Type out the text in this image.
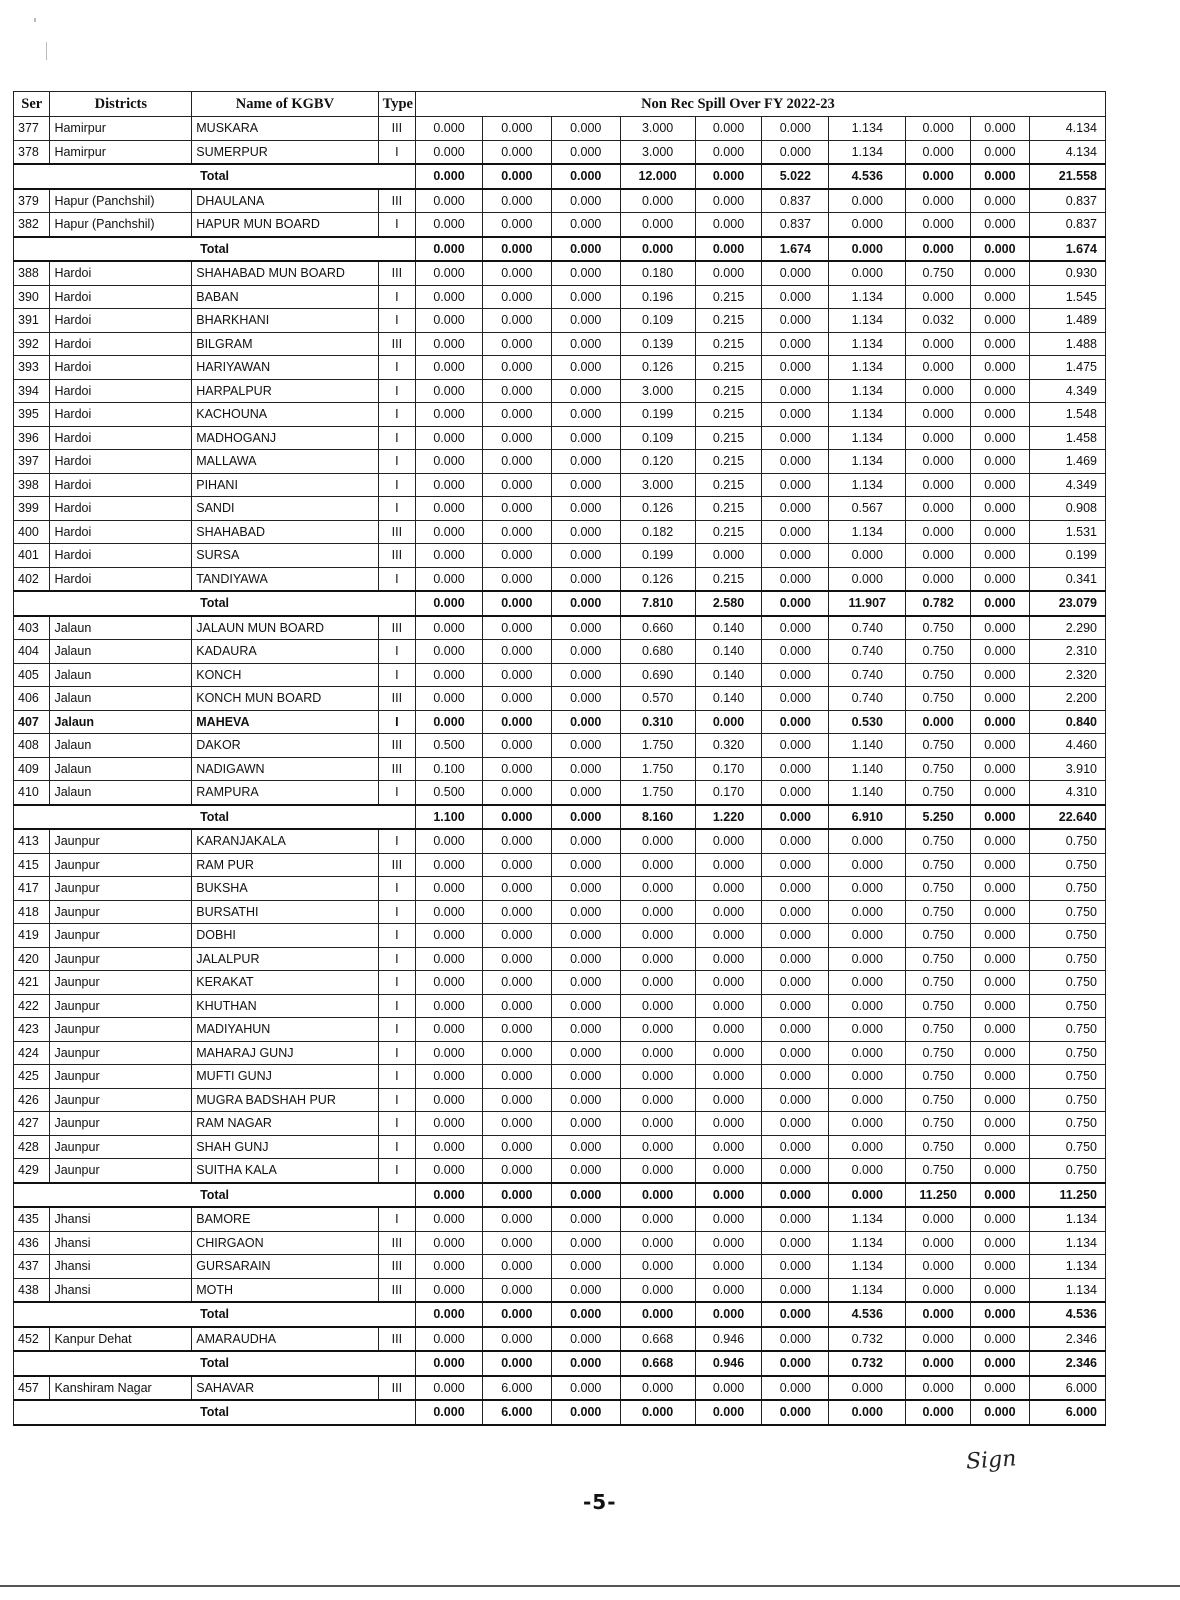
Ser	Districts	Name of KGBV	Type	Non Rec Spill Over FY 2022-23									
377	Hamirpur	MUSKARA	III	0.000	0.000	0.000	3.000	0.000	0.000	1.134	0.000	0.000	4.134
378	Hamirpur	SUMERPUR	I	0.000	0.000	0.000	3.000	0.000	0.000	1.134	0.000	0.000	4.134
Total				0.000	0.000	0.000	12.000	0.000	5.022	4.536	0.000	0.000	21.558
379	Hapur (Panchshil)	DHAULANA	III	0.000	0.000	0.000	0.000	0.000	0.837	0.000	0.000	0.000	0.837
382	Hapur (Panchshil)	HAPUR MUN BOARD	I	0.000	0.000	0.000	0.000	0.000	0.837	0.000	0.000	0.000	0.837
Total				0.000	0.000	0.000	0.000	0.000	1.674	0.000	0.000	0.000	1.674
388	Hardoi	SHAHABAD MUN BOARD	III	0.000	0.000	0.000	0.180	0.000	0.000	0.000	0.750	0.000	0.930
390	Hardoi	BABAN	I	0.000	0.000	0.000	0.196	0.215	0.000	1.134	0.000	0.000	1.545
391	Hardoi	BHARKHANI	I	0.000	0.000	0.000	0.109	0.215	0.000	1.134	0.032	0.000	1.489
392	Hardoi	BILGRAM	III	0.000	0.000	0.000	0.139	0.215	0.000	1.134	0.000	0.000	1.488
393	Hardoi	HARIYAWAN	I	0.000	0.000	0.000	0.126	0.215	0.000	1.134	0.000	0.000	1.475
394	Hardoi	HARPALPUR	I	0.000	0.000	0.000	3.000	0.215	0.000	1.134	0.000	0.000	4.349
395	Hardoi	KACHOUNA	I	0.000	0.000	0.000	0.199	0.215	0.000	1.134	0.000	0.000	1.548
396	Hardoi	MADHOGANJ	I	0.000	0.000	0.000	0.109	0.215	0.000	1.134	0.000	0.000	1.458
397	Hardoi	MALLAWA	I	0.000	0.000	0.000	0.120	0.215	0.000	1.134	0.000	0.000	1.469
398	Hardoi	PIHANI	I	0.000	0.000	0.000	3.000	0.215	0.000	1.134	0.000	0.000	4.349
399	Hardoi	SANDI	I	0.000	0.000	0.000	0.126	0.215	0.000	0.567	0.000	0.000	0.908
400	Hardoi	SHAHABAD	III	0.000	0.000	0.000	0.182	0.215	0.000	1.134	0.000	0.000	1.531
401	Hardoi	SURSA	III	0.000	0.000	0.000	0.199	0.000	0.000	0.000	0.000	0.000	0.199
402	Hardoi	TANDIYAWA	I	0.000	0.000	0.000	0.126	0.215	0.000	0.000	0.000	0.000	0.341
Total				0.000	0.000	0.000	7.810	2.580	0.000	11.907	0.782	0.000	23.079
403	Jalaun	JALAUN MUN BOARD	III	0.000	0.000	0.000	0.660	0.140	0.000	0.740	0.750	0.000	2.290
404	Jalaun	KADAURA	I	0.000	0.000	0.000	0.680	0.140	0.000	0.740	0.750	0.000	2.310
405	Jalaun	KONCH	I	0.000	0.000	0.000	0.690	0.140	0.000	0.740	0.750	0.000	2.320
406	Jalaun	KONCH MUN BOARD	III	0.000	0.000	0.000	0.570	0.140	0.000	0.740	0.750	0.000	2.200
407	Jalaun	MAHEVA	I	0.000	0.000	0.000	0.310	0.000	0.000	0.530	0.000	0.000	0.840
408	Jalaun	DAKOR	III	0.500	0.000	0.000	1.750	0.320	0.000	1.140	0.750	0.000	4.460
409	Jalaun	NADIGAWN	III	0.100	0.000	0.000	1.750	0.170	0.000	1.140	0.750	0.000	3.910
410	Jalaun	RAMPURA	I	0.500	0.000	0.000	1.750	0.170	0.000	1.140	0.750	0.000	4.310
Total				1.100	0.000	0.000	8.160	1.220	0.000	6.910	5.250	0.000	22.640
413	Jaunpur	KARANJAKALA	I	0.000	0.000	0.000	0.000	0.000	0.000	0.000	0.750	0.000	0.750
415	Jaunpur	RAM PUR	III	0.000	0.000	0.000	0.000	0.000	0.000	0.000	0.750	0.000	0.750
417	Jaunpur	BUKSHA	I	0.000	0.000	0.000	0.000	0.000	0.000	0.000	0.750	0.000	0.750
418	Jaunpur	BURSATHI	I	0.000	0.000	0.000	0.000	0.000	0.000	0.000	0.750	0.000	0.750
419	Jaunpur	DOBHI	I	0.000	0.000	0.000	0.000	0.000	0.000	0.000	0.750	0.000	0.750
420	Jaunpur	JALALPUR	I	0.000	0.000	0.000	0.000	0.000	0.000	0.000	0.750	0.000	0.750
421	Jaunpur	KERAKAT	I	0.000	0.000	0.000	0.000	0.000	0.000	0.000	0.750	0.000	0.750
422	Jaunpur	KHUTHAN	I	0.000	0.000	0.000	0.000	0.000	0.000	0.000	0.750	0.000	0.750
423	Jaunpur	MADIYAHUN	I	0.000	0.000	0.000	0.000	0.000	0.000	0.000	0.750	0.000	0.750
424	Jaunpur	MAHARAJ GUNJ	I	0.000	0.000	0.000	0.000	0.000	0.000	0.000	0.750	0.000	0.750
425	Jaunpur	MUFTI GUNJ	I	0.000	0.000	0.000	0.000	0.000	0.000	0.000	0.750	0.000	0.750
426	Jaunpur	MUGRA BADSHAH PUR	I	0.000	0.000	0.000	0.000	0.000	0.000	0.000	0.750	0.000	0.750
427	Jaunpur	RAM NAGAR	I	0.000	0.000	0.000	0.000	0.000	0.000	0.000	0.750	0.000	0.750
428	Jaunpur	SHAH GUNJ	I	0.000	0.000	0.000	0.000	0.000	0.000	0.000	0.750	0.000	0.750
429	Jaunpur	SUITHA KALA	I	0.000	0.000	0.000	0.000	0.000	0.000	0.000	0.750	0.000	0.750
Total				0.000	0.000	0.000	0.000	0.000	0.000	0.000	11.250	0.000	11.250
435	Jhansi	BAMORE	I	0.000	0.000	0.000	0.000	0.000	0.000	1.134	0.000	0.000	1.134
436	Jhansi	CHIRGAON	III	0.000	0.000	0.000	0.000	0.000	0.000	1.134	0.000	0.000	1.134
437	Jhansi	GURSARAIN	III	0.000	0.000	0.000	0.000	0.000	0.000	1.134	0.000	0.000	1.134
438	Jhansi	MOTH	III	0.000	0.000	0.000	0.000	0.000	0.000	1.134	0.000	0.000	1.134
Total				0.000	0.000	0.000	0.000	0.000	0.000	4.536	0.000	0.000	4.536
452	Kanpur Dehat	AMARAUDHA	III	0.000	0.000	0.000	0.668	0.946	0.000	0.732	0.000	0.000	2.346
Total				0.000	0.000	0.000	0.668	0.946	0.000	0.732	0.000	0.000	2.346
457	Kanshiram Nagar	SAHAVAR	III	0.000	6.000	0.000	0.000	0.000	0.000	0.000	0.000	0.000	6.000
Total				0.000	6.000	0.000	0.000	0.000	0.000	0.000	0.000	0.000	6.000
Sign
-5-
